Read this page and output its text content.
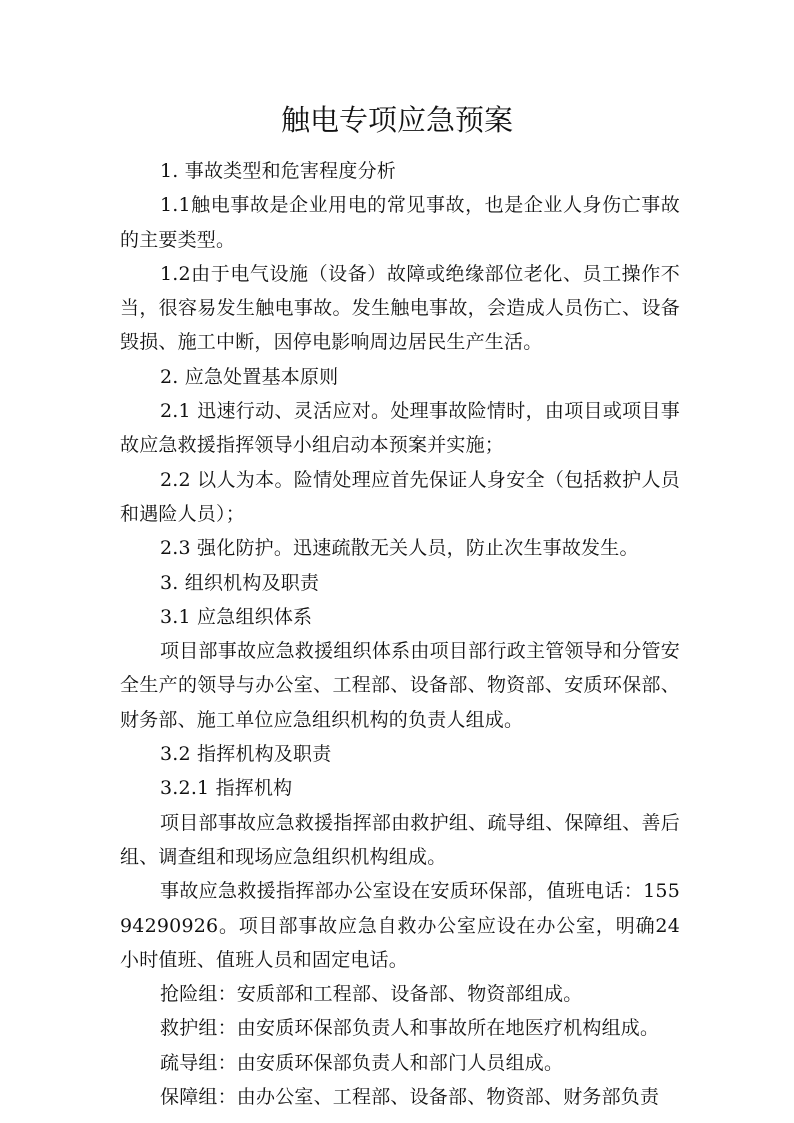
触电专项应急预案

1. 事故类型和危害程度分析

1.1触电事故是企业用电的常见事故，也是企业人身伤亡事故的主要类型。

1.2由于电气设施（设备）故障或绝缘部位老化、员工操作不当，很容易发生触电事故。发生触电事故，会造成人员伤亡、设备毁损、施工中断，因停电影响周边居民生产生活。

2. 应急处置基本原则

2.1 迅速行动、灵活应对。处理事故险情时，由项目或项目事故应急救援指挥领导小组启动本预案并实施；

2.2 以人为本。险情处理应首先保证人身安全（包括救护人员和遇险人员）；

2.3 强化防护。迅速疏散无关人员，防止次生事故发生。

3. 组织机构及职责

3.1 应急组织体系

项目部事故应急救援组织体系由项目部行政主管领导和分管安全生产的领导与办公室、工程部、设备部、物资部、安质环保部、财务部、施工单位应急组织机构的负责人组成。

3.2 指挥机构及职责

3.2.1 指挥机构

项目部事故应急救援指挥部由救护组、疏导组、保障组、善后组、调查组和现场应急组织机构组成。

事故应急救援指挥部办公室设在安质环保部，值班电话：15594290926。项目部事故应急自救办公室应设在办公室，明确24小时值班、值班人员和固定电话。

抢险组：安质部和工程部、设备部、物资部组成。

救护组：由安质环保部负责人和事故所在地医疗机构组成。

疏导组：由安质环保部负责人和部门人员组成。

保障组：由办公室、工程部、设备部、物资部、财务部负责
